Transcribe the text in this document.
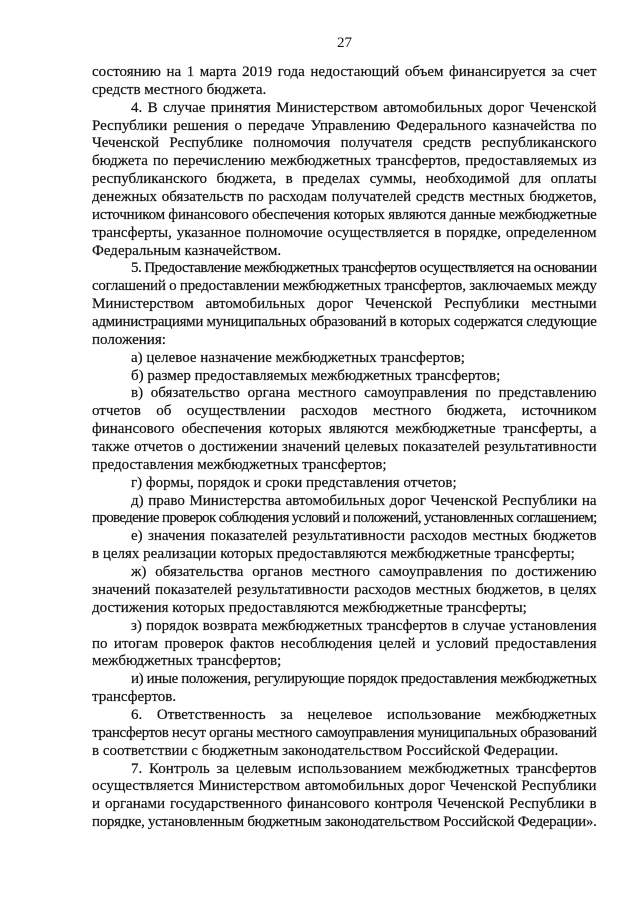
27
состоянию на 1 марта 2019 года недостающий объем финансируется за счет
средств местного бюджета.
4. В случае принятия Министерством автомобильных дорог Чеченской
Республики решения о передаче Управлению Федерального казначейства по
Чеченской Республике полномочия получателя средств республиканского
бюджета по перечислению межбюджетных трансфертов, предоставляемых из
республиканского бюджета, в пределах суммы, необходимой для оплаты
денежных обязательств по расходам получателей средств местных бюджетов,
источником финансового обеспечения которых являются данные межбюджетные
трансферты, указанное полномочие осуществляется в порядке, определенном
Федеральным казначейством.
5. Предоставление межбюджетных трансфертов осуществляется на основании
соглашений о предоставлении межбюджетных трансфертов, заключаемых между
Министерством автомобильных дорог Чеченской Республики местными
администрациями муниципальных образований в которых содержатся следующие
положения:
а) целевое назначение межбюджетных трансфертов;
б) размер предоставляемых межбюджетных трансфертов;
в) обязательство органа местного самоуправления по представлению
отчетов об осуществлении расходов местного бюджета, источником
финансового обеспечения которых являются межбюджетные трансферты, а
также отчетов о достижении значений целевых показателей результативности
предоставления межбюджетных трансфертов;
г) формы, порядок и сроки представления отчетов;
д) право Министерства автомобильных дорог Чеченской Республики на
проведение проверок соблюдения условий и положений, установленных соглашением;
е) значения показателей результативности расходов местных бюджетов
в целях реализации которых предоставляются межбюджетные трансферты;
ж) обязательства органов местного самоуправления по достижению
значений показателей результативности расходов местных бюджетов, в целях
достижения которых предоставляются межбюджетные трансферты;
з) порядок возврата межбюджетных трансфертов в случае установления
по итогам проверок фактов несоблюдения целей и условий предоставления
межбюджетных трансфертов;
и) иные положения, регулирующие порядок предоставления межбюджетных
трансфертов.
6. Ответственность за нецелевое использование межбюджетных
трансфертов несут органы местного самоуправления муниципальных образований
в соответствии с бюджетным законодательством Российской Федерации.
7. Контроль за целевым использованием межбюджетных трансфертов
осуществляется Министерством автомобильных дорог Чеченской Республики
и органами государственного финансового контроля Чеченской Республики в
порядке, установленным бюджетным законодательством Российской Федерации».
